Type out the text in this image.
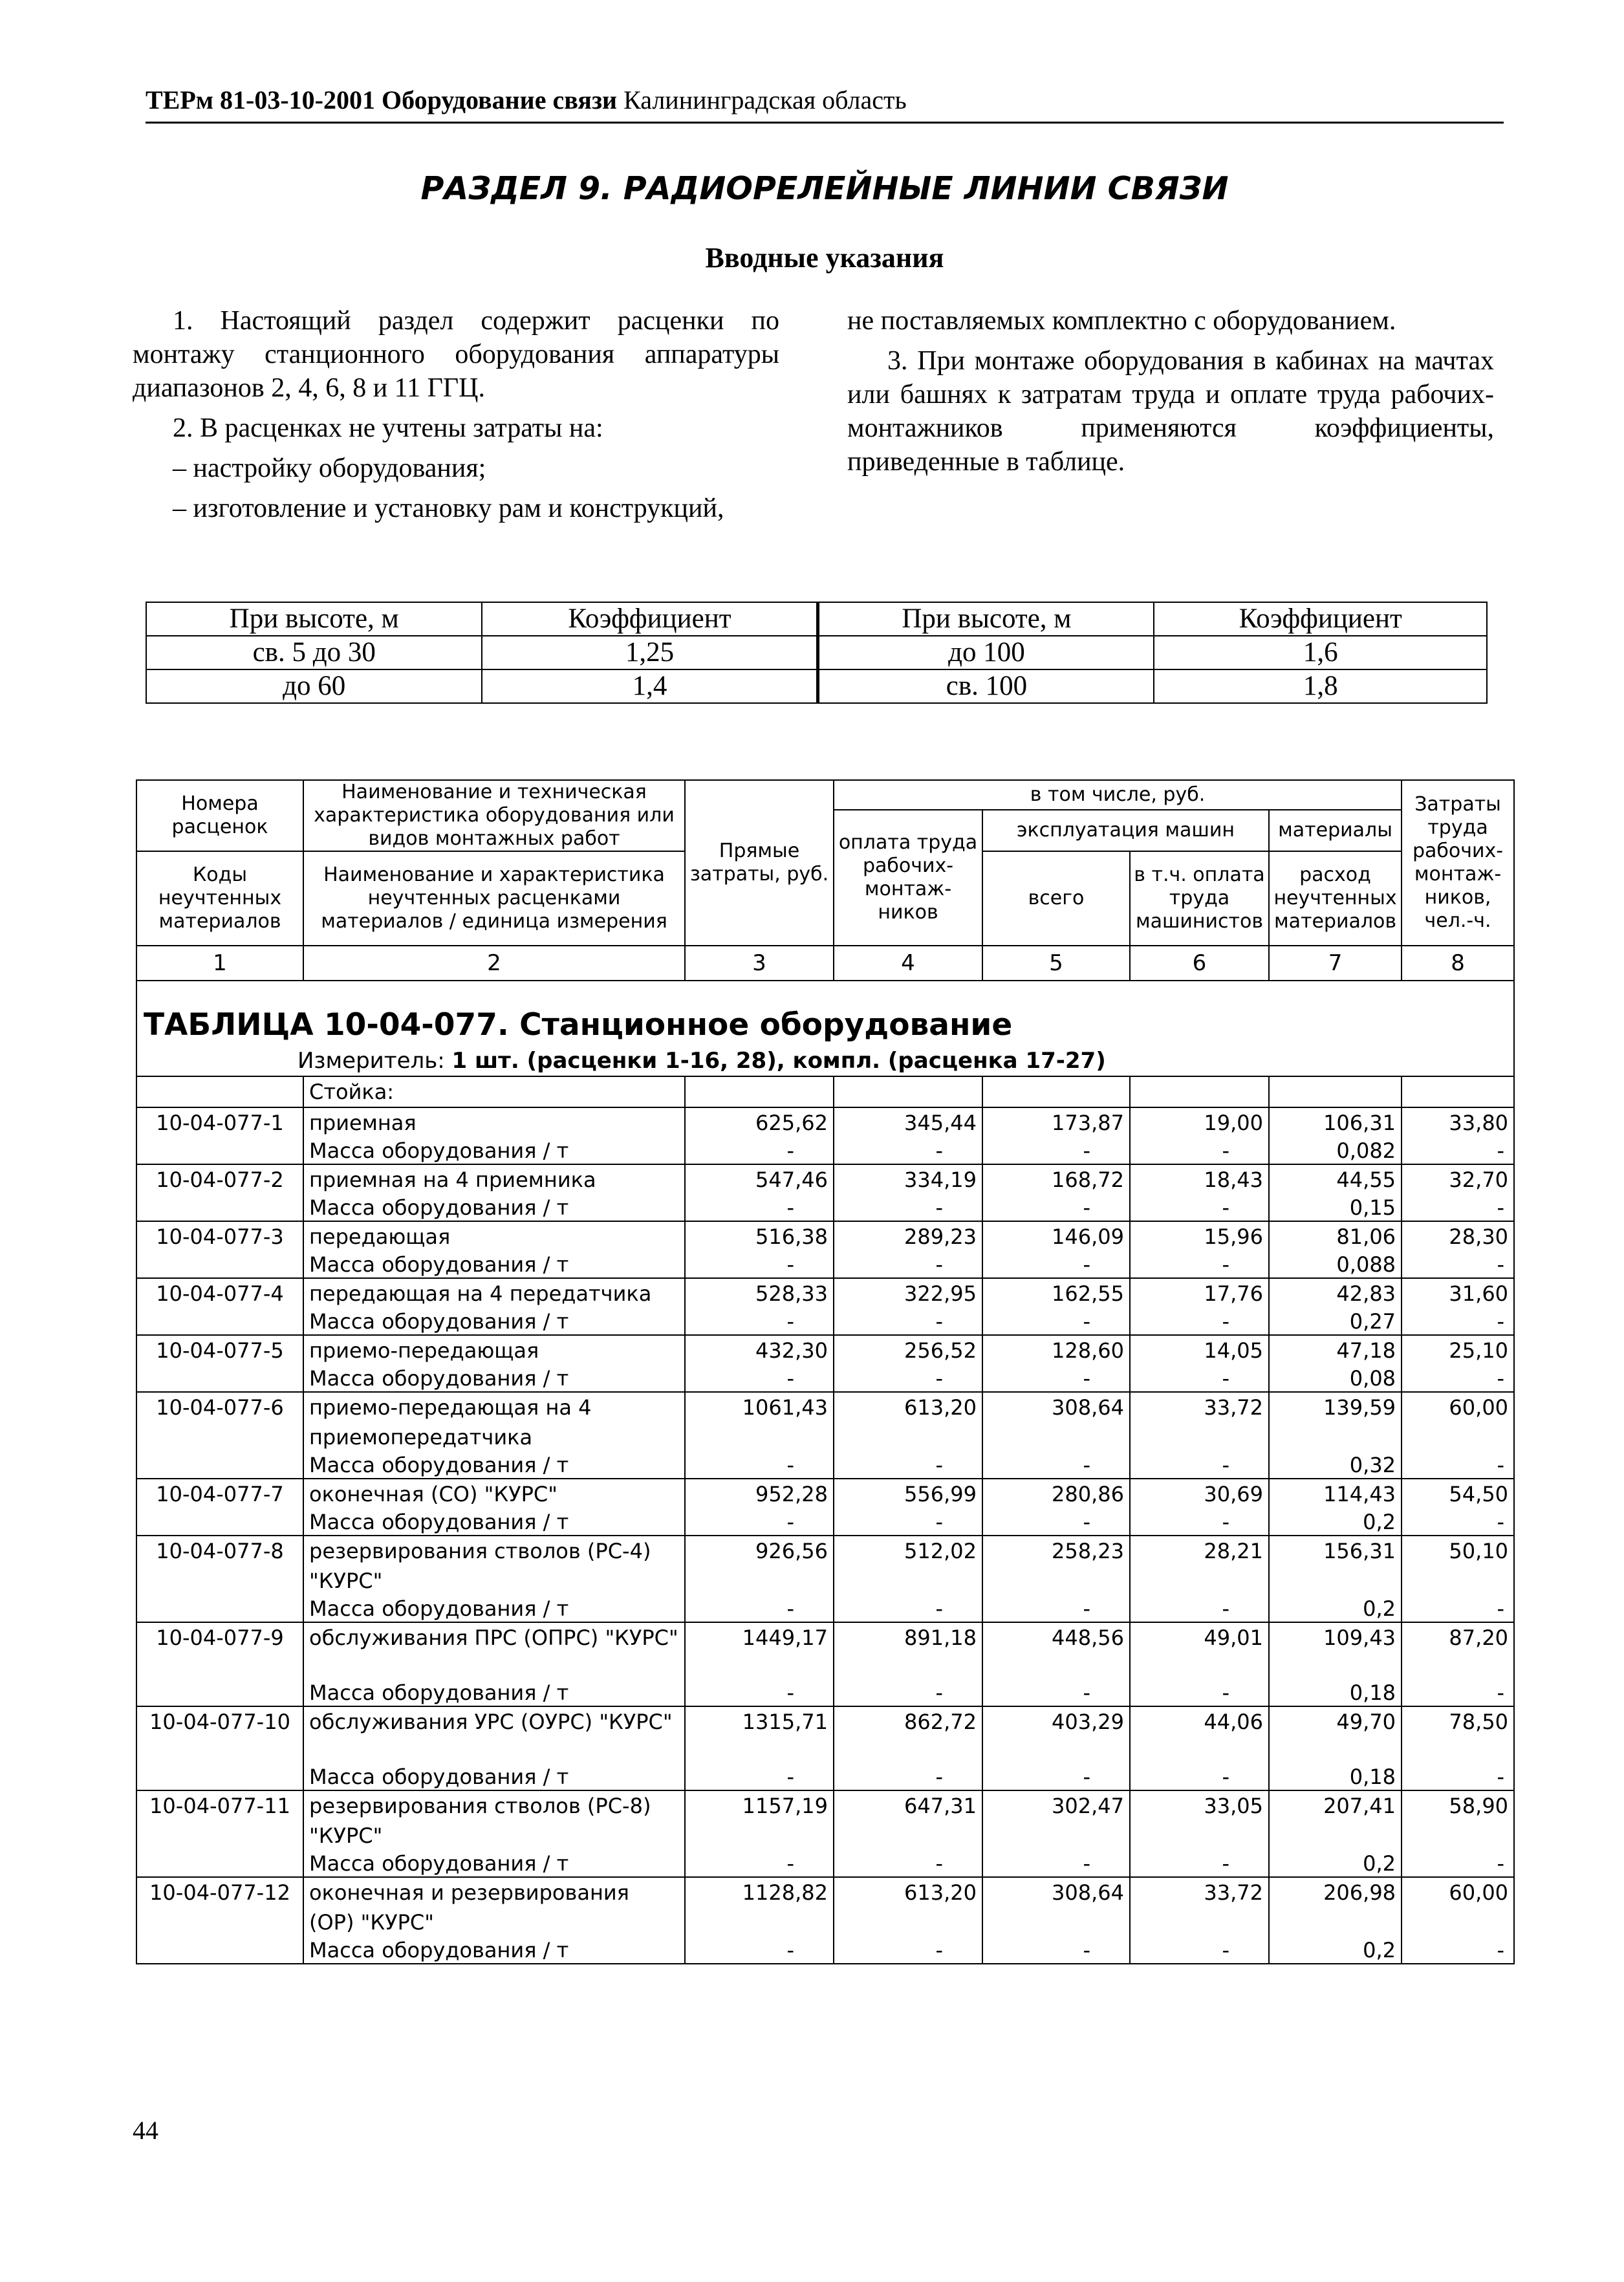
ТЕРм 81-03-10-2001 Оборудование связи Калининградская область
РАЗДЕЛ 9. РАДИОРЕЛЕЙНЫЕ ЛИНИИ СВЯЗИ
Вводные указания

1. Настоящий раздел содержит расценки по монтажу станционного оборудования аппаратуры диапазонов 2, 4, 6, 8 и 11 ГГЦ.

2. В расценках не учтены затраты на:

– настройку оборудования;

– изготовление и установку рам и конструкций,

не поставляемых комплектно с оборудованием.

3. При монтаже оборудования в кабинах на мачтах или башнях к затратам труда и оплате труда рабочих-монтажников применяются коэффициенты, приведенные в таблице.

При высоте, м	Коэффициент	При высоте, м	Коэффициент
св. 5 до 30	1,25	до 100	1,6
до 60	1,4	св. 100	1,8
Номера расценок	Наименование и техническая характеристика оборудования или видов монтажных работ	Прямые затраты, руб.	в том числе, руб.				Затраты труда рабочих-монтаж-ников, чел.-ч.
			оплата труда рабочих-монтаж-ников	эксплуатация машин		материалы	
Коды неучтенных материалов	Наименование и характеристика неучтенных расценками материалов / единица измерения			всего	в т.ч. оплата труда машинистов	расход неучтенных материалов	

1	2	3	4	5	6	7	8

ТАБЛИЦА 10-04-077. Станционное оборудование
Измеритель: 1 шт. (расценки 1-16, 28), компл. (расценка 17-27)							

	Стойка:						
10-04-077-1	приемная	625,62	345,44	173,87	19,00	106,31	33,80
	Масса оборудования / т	-	-	-	-	0,082	-
10-04-077-2	приемная на 4 приемника	547,46	334,19	168,72	18,43	44,55	32,70
	Масса оборудования / т	-	-	-	-	0,15	-
10-04-077-3	передающая	516,38	289,23	146,09	15,96	81,06	28,30
	Масса оборудования / т	-	-	-	-	0,088	-
10-04-077-4	передающая на 4 передатчика	528,33	322,95	162,55	17,76	42,83	31,60
	Масса оборудования / т	-	-	-	-	0,27	-
10-04-077-5	приемо-передающая	432,30	256,52	128,60	14,05	47,18	25,10
	Масса оборудования / т	-	-	-	-	0,08	-
10-04-077-6	приемо-передающая на 4 приемопередатчика	1061,43	613,20	308,64	33,72	139,59	60,00
	Масса оборудования / т	-	-	-	-	0,32	-
10-04-077-7	оконечная (СО) "КУРС"	952,28	556,99	280,86	30,69	114,43	54,50
	Масса оборудования / т	-	-	-	-	0,2	-
10-04-077-8	резервирования стволов (РС-4) "КУРС"	926,56	512,02	258,23	28,21	156,31	50,10
	Масса оборудования / т	-	-	-	-	0,2	-
10-04-077-9	обслуживания ПРС (ОПРС) "КУРС"	1449,17	891,18	448,56	49,01	109,43	87,20
	Масса оборудования / т	-	-	-	-	0,18	-
10-04-077-10	обслуживания УРС (ОУРС) "КУРС"	1315,71	862,72	403,29	44,06	49,70	78,50
	Масса оборудования / т	-	-	-	-	0,18	-
10-04-077-11	резервирования стволов (РС-8) "КУРС"	1157,19	647,31	302,47	33,05	207,41	58,90
	Масса оборудования / т	-	-	-	-	0,2	-
10-04-077-12	оконечная и резервирования (ОР) "КУРС"	1128,82	613,20	308,64	33,72	206,98	60,00
	Масса оборудования / т	-	-	-	-	0,2	-
44
